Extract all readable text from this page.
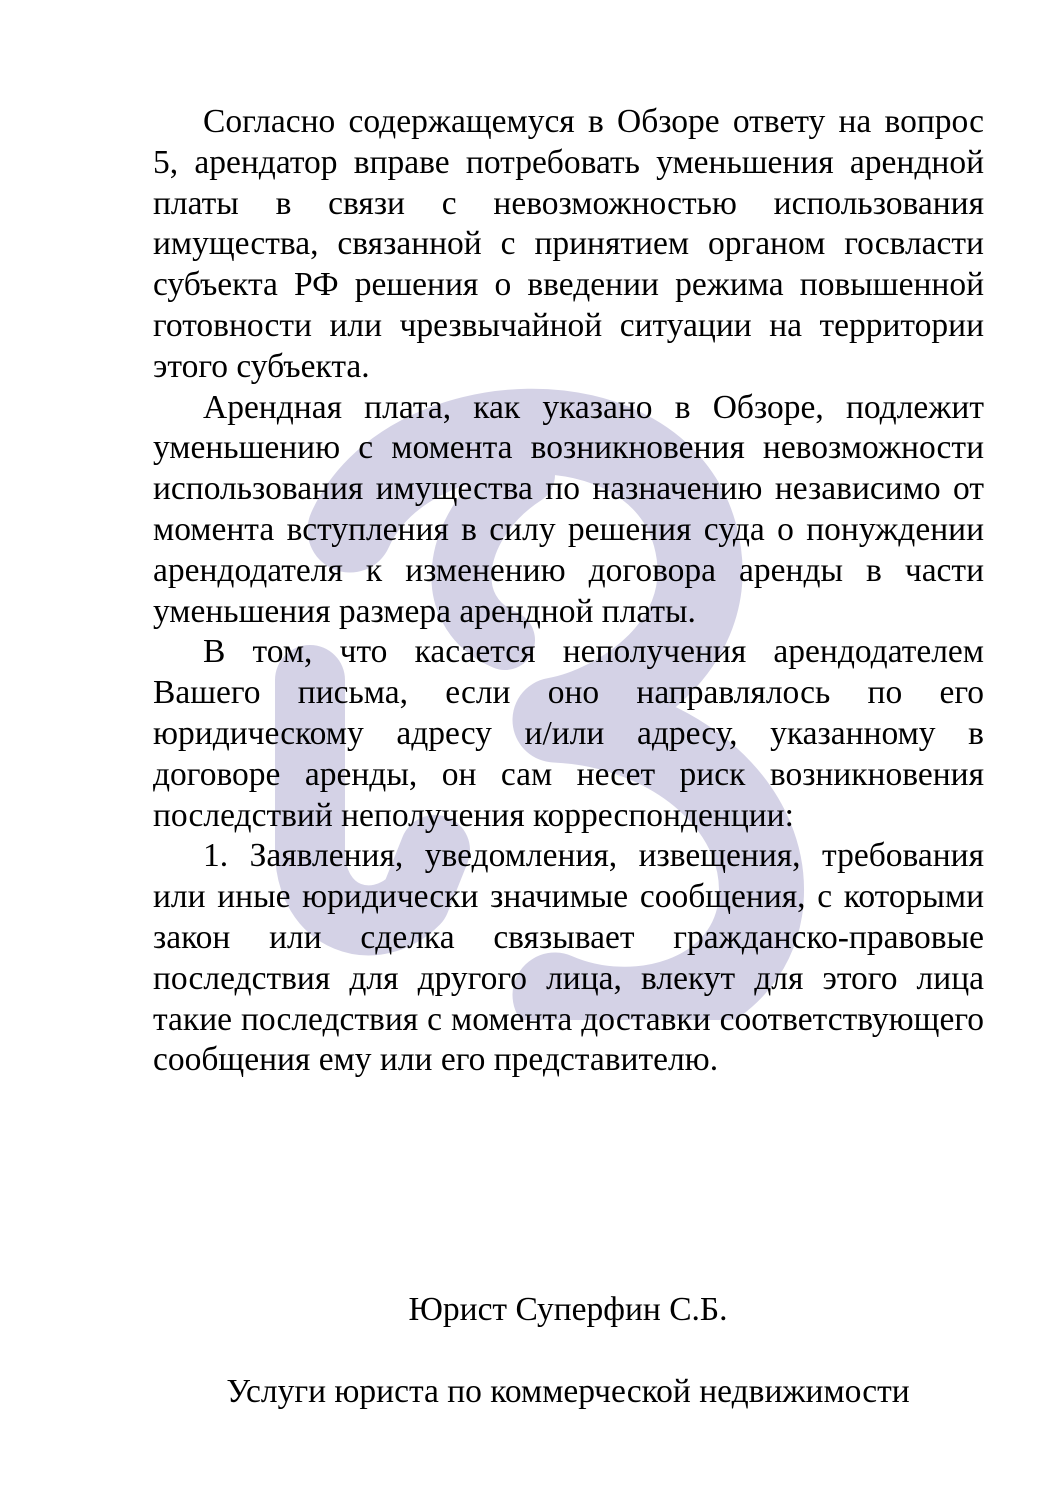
Согласно содержащемуся в Обзоре ответу на вопрос 5, арендатор вправе потребовать уменьшения арендной платы в связи с невозможностью использования имущества, связанной с принятием органом госвласти субъекта РФ решения о введении режима повышенной готовности или чрезвычайной ситуации на территории этого субъекта.

Арендная плата, как указано в Обзоре, подлежит уменьшению с момента возникновения невозможности использования имущества по назначению независимо от момента вступления в силу решения суда о понуждении арендодателя к изменению договора аренды в части уменьшения размера арендной платы.

В том, что касается неполучения арендодателем Вашего письма, если оно направлялось по его юридическому адресу и/или адресу, указанному в договоре аренды, он сам несет риск возникновения последствий неполучения корреспонденции:

1. Заявления, уведомления, извещения, требования или иные юридически значимые сообщения, с которыми закон или сделка связывает гражданско-правовые последствия для другого лица, влекут для этого лица такие последствия с момента доставки соответствующего сообщения ему или его представителю.

Юрист Суперфин С.Б.
Услуги юриста по коммерческой недвижимости
